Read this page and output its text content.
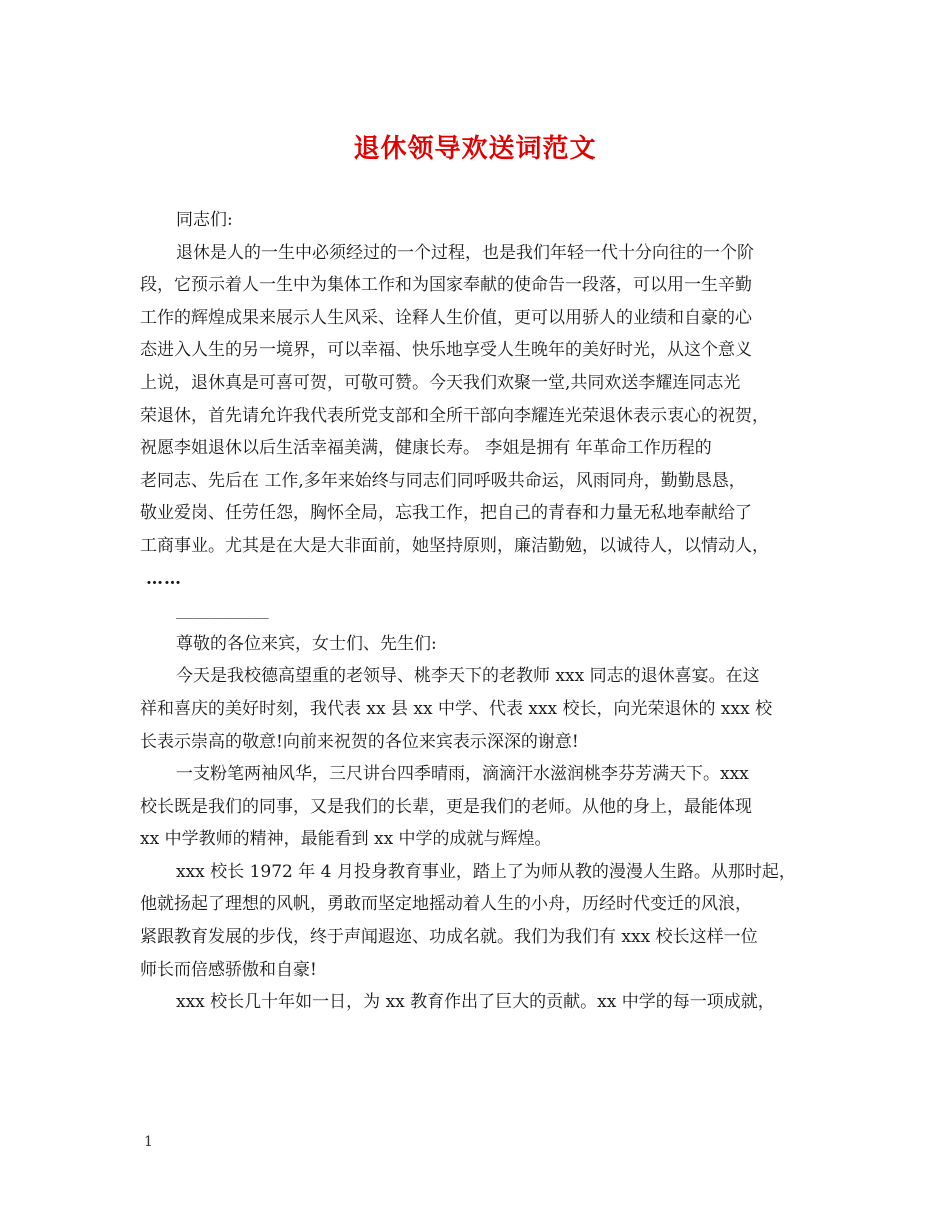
退休领导欢送词范文
同志们:
退休是人的一生中必须经过的一个过程，也是我们年轻一代十分向往的一个阶
段，它预示着人一生中为集体工作和为国家奉献的使命告一段落，可以用一生辛勤
工作的辉煌成果来展示人生风采、诠释人生价值，更可以用骄人的业绩和自豪的心
态进入人生的另一境界，可以幸福、快乐地享受人生晚年的美好时光，从这个意义
上说，退休真是可喜可贺，可敬可赞。今天我们欢聚一堂,共同欢送李耀连同志光
荣退休，首先请允许我代表所党支部和全所干部向李耀连光荣退休表示衷心的祝贺，
祝愿李姐退休以后生活幸福美满，健康长寿。 李姐是拥有 年革命工作历程的
老同志、先后在 工作,多年来始终与同志们同呼吸共命运，风雨同舟，勤勤恳恳，
敬业爱岗、任劳任怨，胸怀全局，忘我工作，把自己的青春和力量无私地奉献给了
工商事业。尤其是在大是大非面前，她坚持原则，廉洁勤勉，以诚待人，以情动人，
……
___________
尊敬的各位来宾，女士们、先生们:
今天是我校德高望重的老领导、桃李天下的老教师 xxx 同志的退休喜宴。在这
祥和喜庆的美好时刻，我代表 xx 县 xx 中学、代表 xxx 校长，向光荣退休的 xxx 校
长表示崇高的敬意!向前来祝贺的各位来宾表示深深的谢意!
一支粉笔两袖风华，三尺讲台四季晴雨，滴滴汗水滋润桃李芬芳满天下。xxx
校长既是我们的同事，又是我们的长辈，更是我们的老师。从他的身上，最能体现
xx 中学教师的精神，最能看到 xx 中学的成就与辉煌。
xxx 校长 1972 年 4 月投身教育事业，踏上了为师从教的漫漫人生路。从那时起，
他就扬起了理想的风帆，勇敢而坚定地摇动着人生的小舟，历经时代变迁的风浪，
紧跟教育发展的步伐，终于声闻遐迩、功成名就。我们为我们有 xxx 校长这样一位
师长而倍感骄傲和自豪!
xxx 校长几十年如一日，为 xx 教育作出了巨大的贡献。xx 中学的每一项成就，
1
